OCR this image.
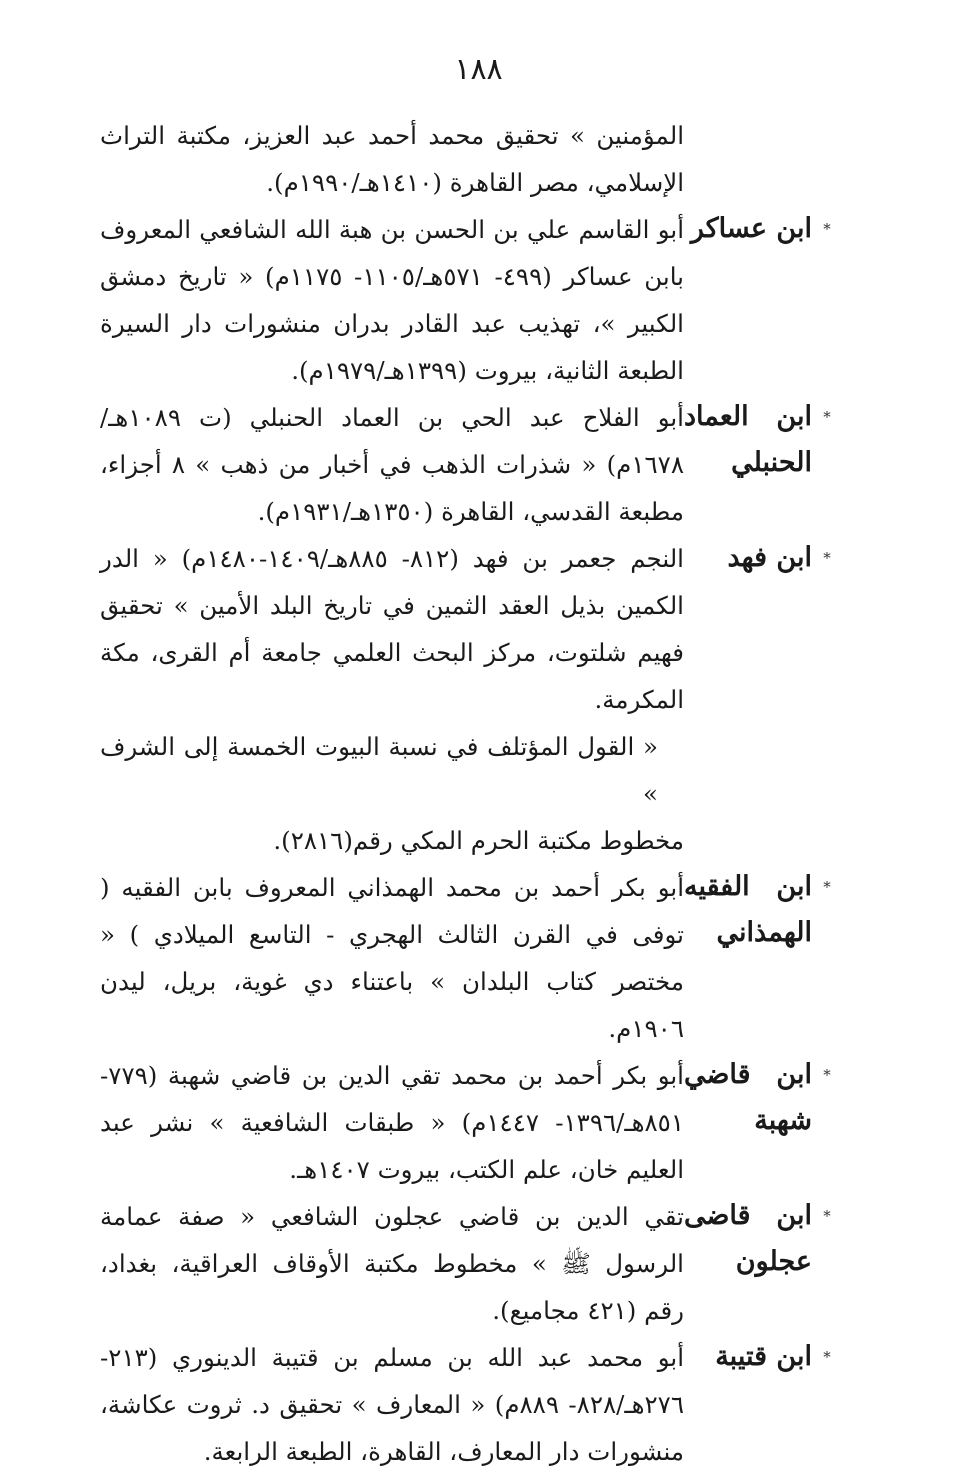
١٨٨
المؤمنين » تحقيق محمد أحمد عبد العزيز، مكتبة التراث الإسلامي، مصر القاهرة (١٤١٠هـ/١٩٩٠م).
*
ابن عساكر
أبو القاسم علي بن الحسن بن هبة الله الشافعي المعروف بابن عساكر (٤٩٩- ٥٧١هـ/١١٠٥- ١١٧٥م) « تاريخ دمشق الكبير »، تهذيب عبد القادر بدران منشورات دار السيرة الطبعة الثانية، بيروت (١٣٩٩هـ/١٩٧٩م).
*
ابن العماد الحنبلي
أبو الفلاح عبد الحي بن العماد الحنبلي (ت ١٠٨٩هـ/ ١٦٧٨م) « شذرات الذهب في أخبار من ذهب » ٨ أجزاء، مطبعة القدسي، القاهرة (١٣٥٠هـ/١٩٣١م).
*
ابن فهد
النجم جعمر بن فهد (٨١٢- ٨٨٥هـ/١٤٠٩-١٤٨٠م) « الدر الكمين بذيل العقد الثمين في تاريخ البلد الأمين » تحقيق فهيم شلتوت، مركز البحث العلمي جامعة أم القرى، مكة المكرمة.
« القول المؤتلف في نسبة البيوت الخمسة إلى الشرف »
مخطوط مكتبة الحرم المكي رقم(٢٨١٦).
*
ابن الفقيه الهمذاني
أبو بكر أحمد بن محمد الهمذاني المعروف بابن الفقيه ( توفى في القرن الثالث الهجري - التاسع الميلادي ) « مختصر كتاب البلدان » باعتناء دي غوية، بريل، ليدن ١٩٠٦م.
*
ابن قاضي شهبة
أبو بكر أحمد بن محمد تقي الدين بن قاضي شهبة (٧٧٩- ٨٥١هـ/١٣٩٦- ١٤٤٧م) « طبقات الشافعية » نشر عبد العليم خان، علم الكتب، بيروت ١٤٠٧هـ.
*
ابن قاضى عجلون
تقي الدين بن قاضي عجلون الشافعي « صفة عمامة الرسول ﷺ » مخطوط مكتبة الأوقاف العراقية، بغداد، رقم (٤٢١ مجاميع).
*
ابن قتيبة
أبو محمد عبد الله بن مسلم بن قتيبة الدينوري (٢١٣- ٢٧٦هـ/٨٢٨- ٨٨٩م) « المعارف » تحقيق د. ثروت عكاشة، منشورات دار المعارف، القاهرة، الطبعة الرابعة.
